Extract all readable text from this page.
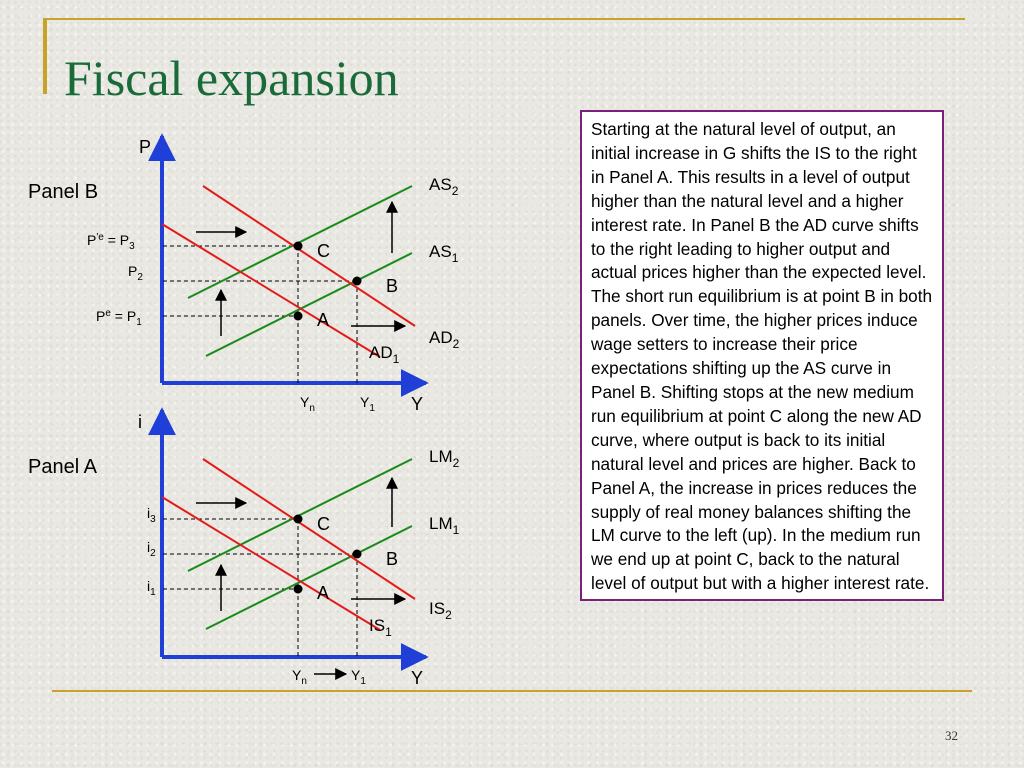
Fiscal expansion
Panel B
P
Y
C
B
A
$AS_2$
$AS_1$
$AD_2$
$AD_1$
$P^{'e} = P_3$
$P_2$
$P^e = P_1$
$Y_n$	$Y_1$
Panel A
i
Y
C
B
A
$LM_2$
$LM_1$
$IS_2$
$IS_1$
$i_3$
$i_2$
$i_1$
$Y_n$	$Y_1$
Starting at the natural level of output, an initial increase in G shifts the IS to the right in Panel A. This results in a level of output higher than the natural level and a higher interest rate. In Panel B the AD curve shifts to the right leading to higher output and actual prices higher than the expected level. The short run equilibrium is at point B in both panels. Over time, the higher prices induce wage setters to increase their price expectations shifting up the AS curve in Panel B. Shifting stops at the new medium run equilibrium at point C along the new AD curve, where output is back to its initial natural level and prices are higher. Back to Panel A, the increase in prices reduces the supply of real money balances shifting the LM curve to the left (up). In the medium run we end up at point C, back to the natural level of output but with a higher interest rate.
32
